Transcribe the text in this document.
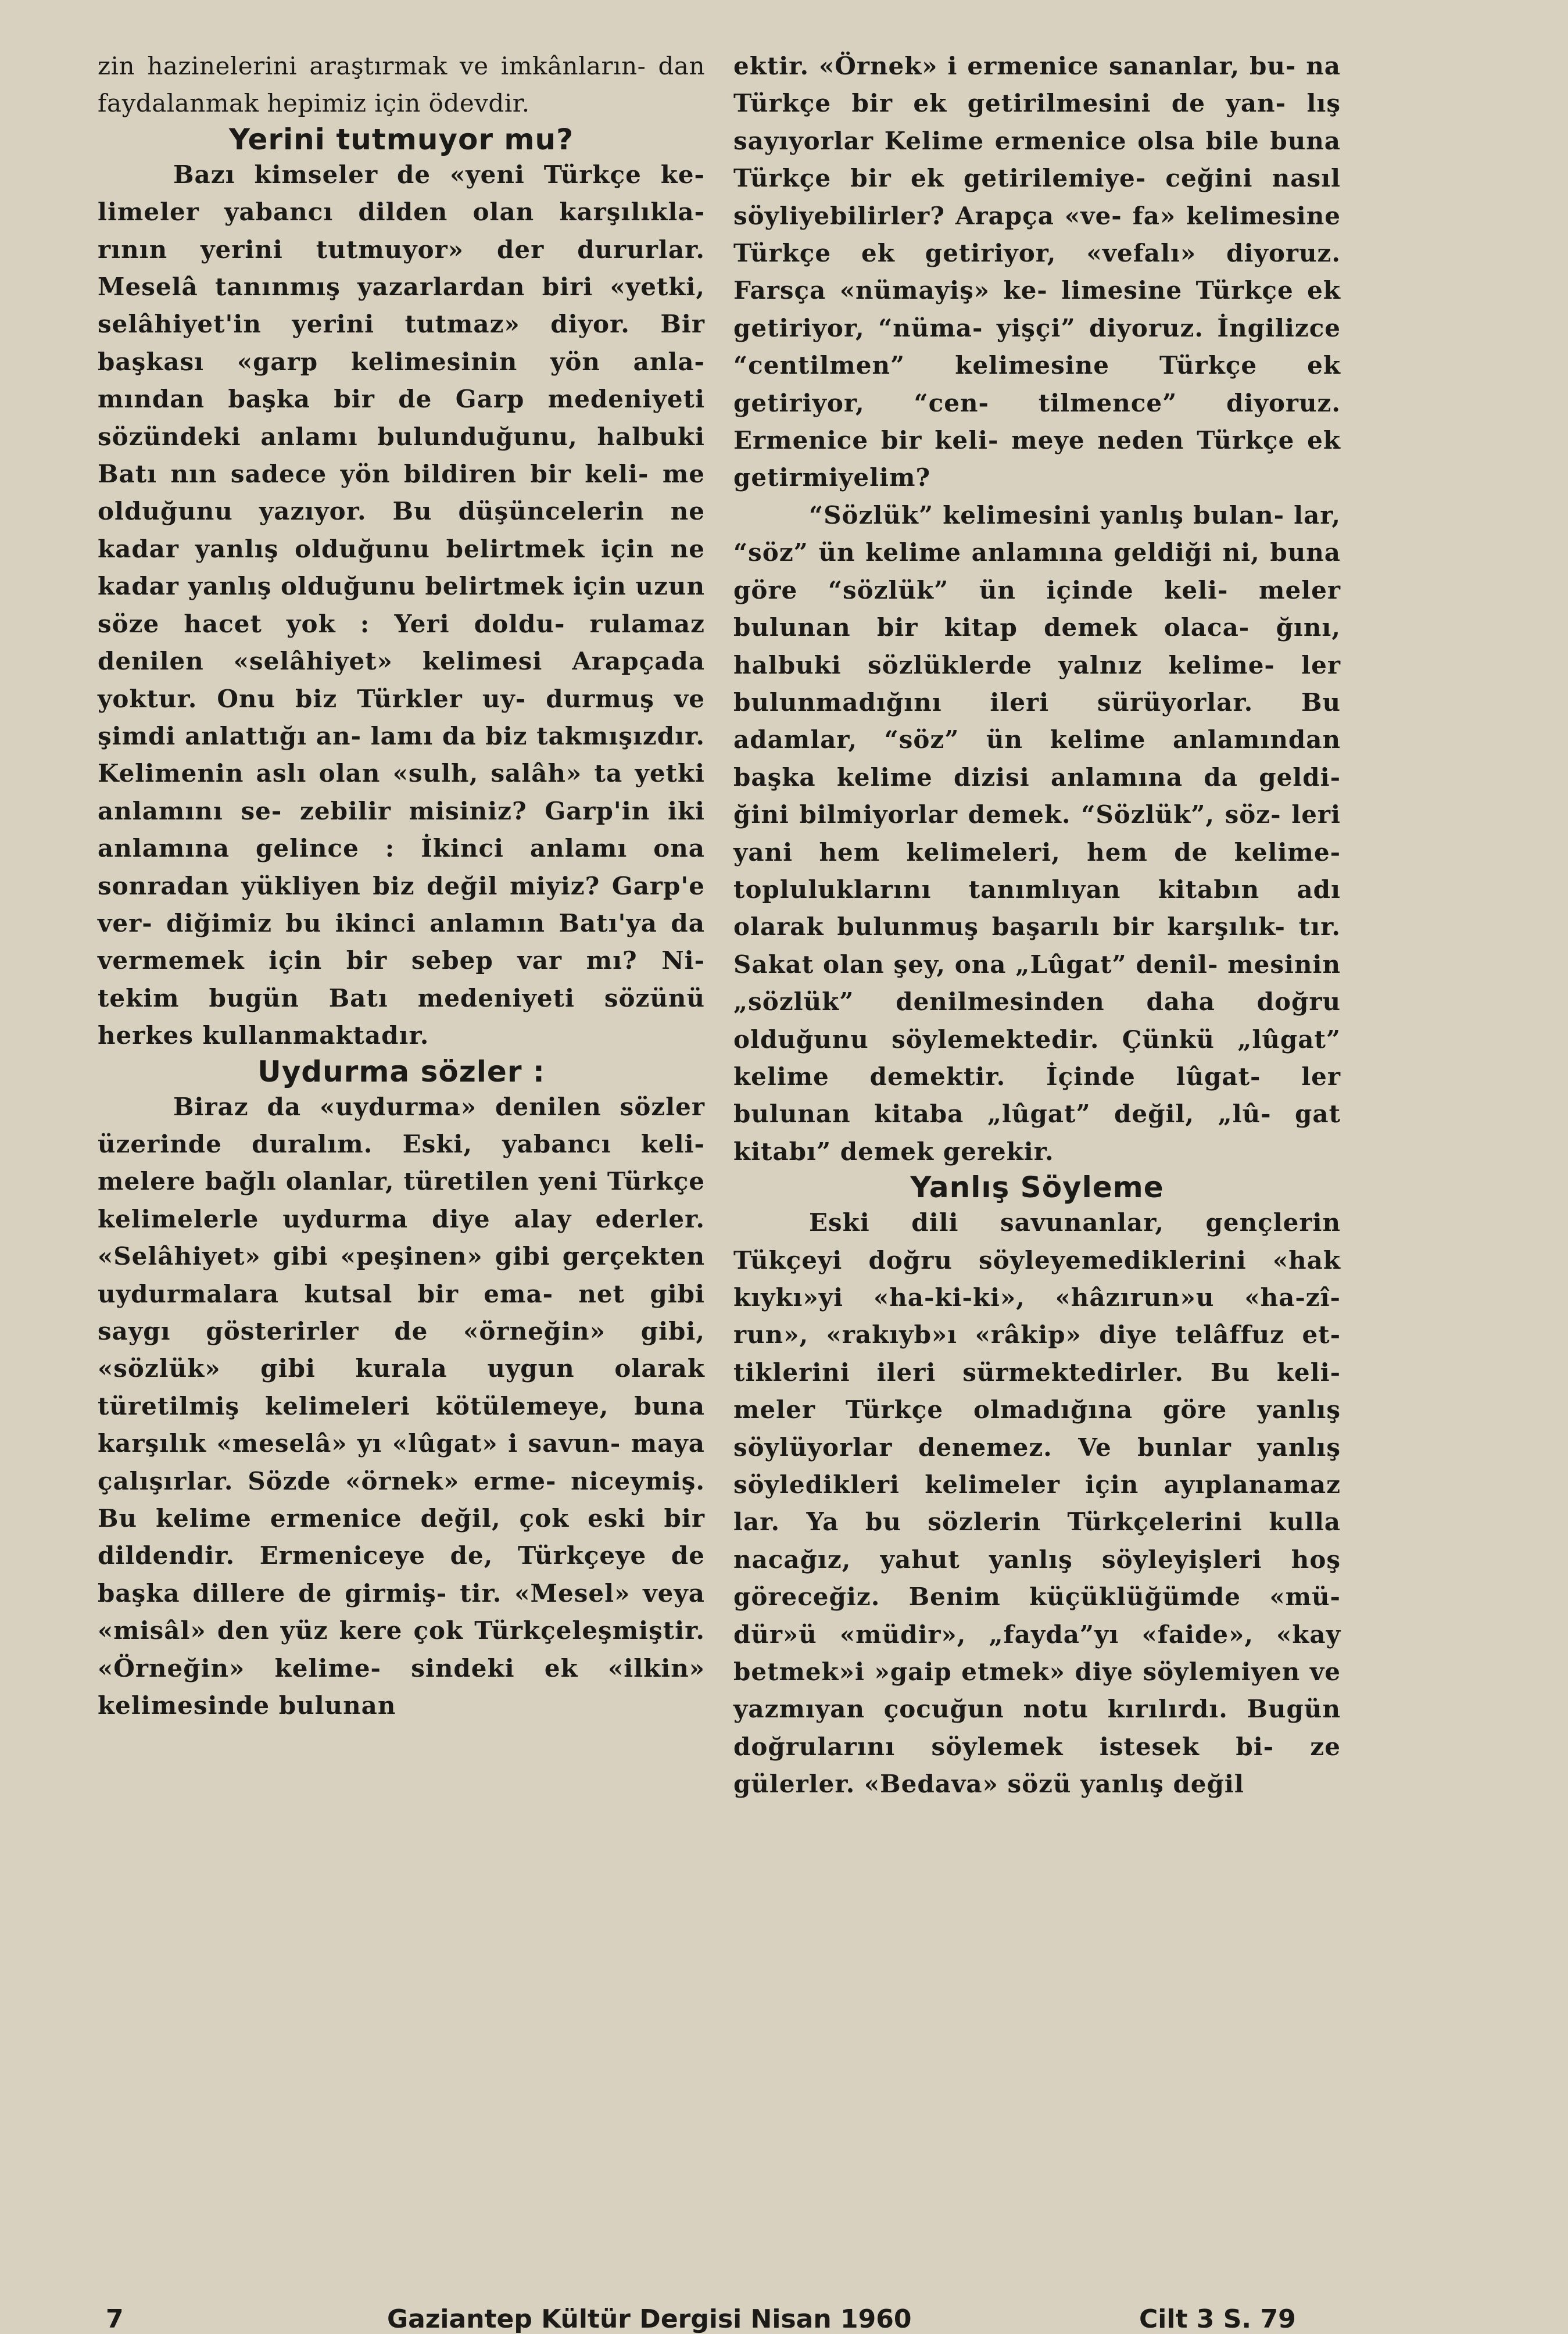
zin hazinelerini araştırmak ve imkânların- dan faydalanmak hepimiz için ödevdir.

Yerini tutmuyor mu?

Bazı kimseler de «yeni Türkçe ke- limeler yabancı dilden olan karşılıkla- rının yerini tutmuyor» der dururlar. Meselâ tanınmış yazarlardan biri «yetki, selâhiyet'in yerini tutmaz» diyor. Bir başkası «garp kelimesinin yön anla- mından başka bir de Garp medeniyeti sözündeki anlamı bulunduğunu, halbuki Batı nın sadece yön bildiren bir keli- me olduğunu yazıyor. Bu düşüncelerin ne kadar yanlış olduğunu belirtmek için ne kadar yanlış olduğunu belirtmek için uzun söze hacet yok : Yeri doldu- rulamaz denilen «selâhiyet» kelimesi Arapçada yoktur. Onu biz Türkler uy- durmuş ve şimdi anlattığı an- lamı da biz takmışızdır. Kelimenin aslı olan «sulh, salâh» ta yetki anlamını se- zebilir misiniz? Garp'in iki anlamına gelince : İkinci anlamı ona sonradan yükliyen biz değil miyiz? Garp'e ver- diğimiz bu ikinci anlamın Batı'ya da vermemek için bir sebep var mı? Ni- tekim bugün Batı medeniyeti sözünü herkes kullanmaktadır.

Uydurma sözler :

Biraz da «uydurma» denilen sözler üzerinde duralım. Eski, yabancı keli- melere bağlı olanlar, türetilen yeni Türkçe kelimelerle uydurma diye alay ederler. «Selâhiyet» gibi «peşinen» gibi gerçekten uydurmalara kutsal bir ema- net gibi saygı gösterirler de «örneğin» gibi, «sözlük» gibi kurala uygun olarak türetilmiş kelimeleri kötülemeye, buna karşılık «meselâ» yı «lûgat» i savun- maya çalışırlar. Sözde «örnek» erme- niceymiş. Bu kelime ermenice değil, çok eski bir dildendir. Ermeniceye de, Türkçeye de başka dillere de girmiş- tir. «Mesel» veya «misâl» den yüz kere çok Türkçeleşmiştir. «Örneğin» kelime- sindeki ek «ilkin» kelimesinde bulunan

ektir. «Örnek» i ermenice sananlar, bu- na Türkçe bir ek getirilmesini de yan- lış sayıyorlar Kelime ermenice olsa bile buna Türkçe bir ek getirilemiye- ceğini nasıl söyliyebilirler? Arapça «ve- fa» kelimesine Türkçe ek getiriyor, «vefalı» diyoruz. Farsça «nümayiş» ke- limesine Türkçe ek getiriyor, “nüma- yişçi” diyoruz. İngilizce “centilmen” kelimesine Türkçe ek getiriyor, “cen- tilmence” diyoruz. Ermenice bir keli- meye neden Türkçe ek getirmiyelim?

“Sözlük” kelimesini yanlış bulan- lar, “söz” ün kelime anlamına geldiği ni, buna göre “sözlük” ün içinde keli- meler bulunan bir kitap demek olaca- ğını, halbuki sözlüklerde yalnız kelime- ler bulunmadığını ileri sürüyorlar. Bu adamlar, “söz” ün kelime anlamından başka kelime dizisi anlamına da geldi- ğini bilmiyorlar demek. “Sözlük”, söz- leri yani hem kelimeleri, hem de kelime- topluluklarını tanımlıyan kitabın adı olarak bulunmuş başarılı bir karşılık- tır. Sakat olan şey, ona „Lûgat” denil- mesinin „sözlük” denilmesinden daha doğru olduğunu söylemektedir. Çünkü „lûgat” kelime demektir. İçinde lûgat- ler bulunan kitaba „lûgat” değil, „lû- gat kitabı” demek gerekir.

Yanlış Söyleme

Eski dili savunanlar, gençlerin Tükçeyi doğru söyleyemediklerini «hak kıykı»yi «ha-ki-ki», «hâzırun»u «ha-zî- run», «rakıyb»ı «râkip» diye telâffuz et- tiklerini ileri sürmektedirler. Bu keli- meler Türkçe olmadığına göre yanlış söylüyorlar denemez. Ve bunlar yanlış söyledikleri kelimeler için ayıplanamaz lar. Ya bu sözlerin Türkçelerini kulla nacağız, yahut yanlış söyleyişleri hoş göreceğiz. Benim küçüklüğümde «mü- dür»ü «müdir», „fayda”yı «faide», «kay betmek»i »gaip etmek» diye söylemiyen ve yazmıyan çocuğun notu kırılırdı. Bugün doğrularını söylemek istesek bi- ze gülerler. «Bedava» sözü yanlış değil

7	Gaziantep Kültür Dergisi Nisan 1960	Cilt 3 S. 79
